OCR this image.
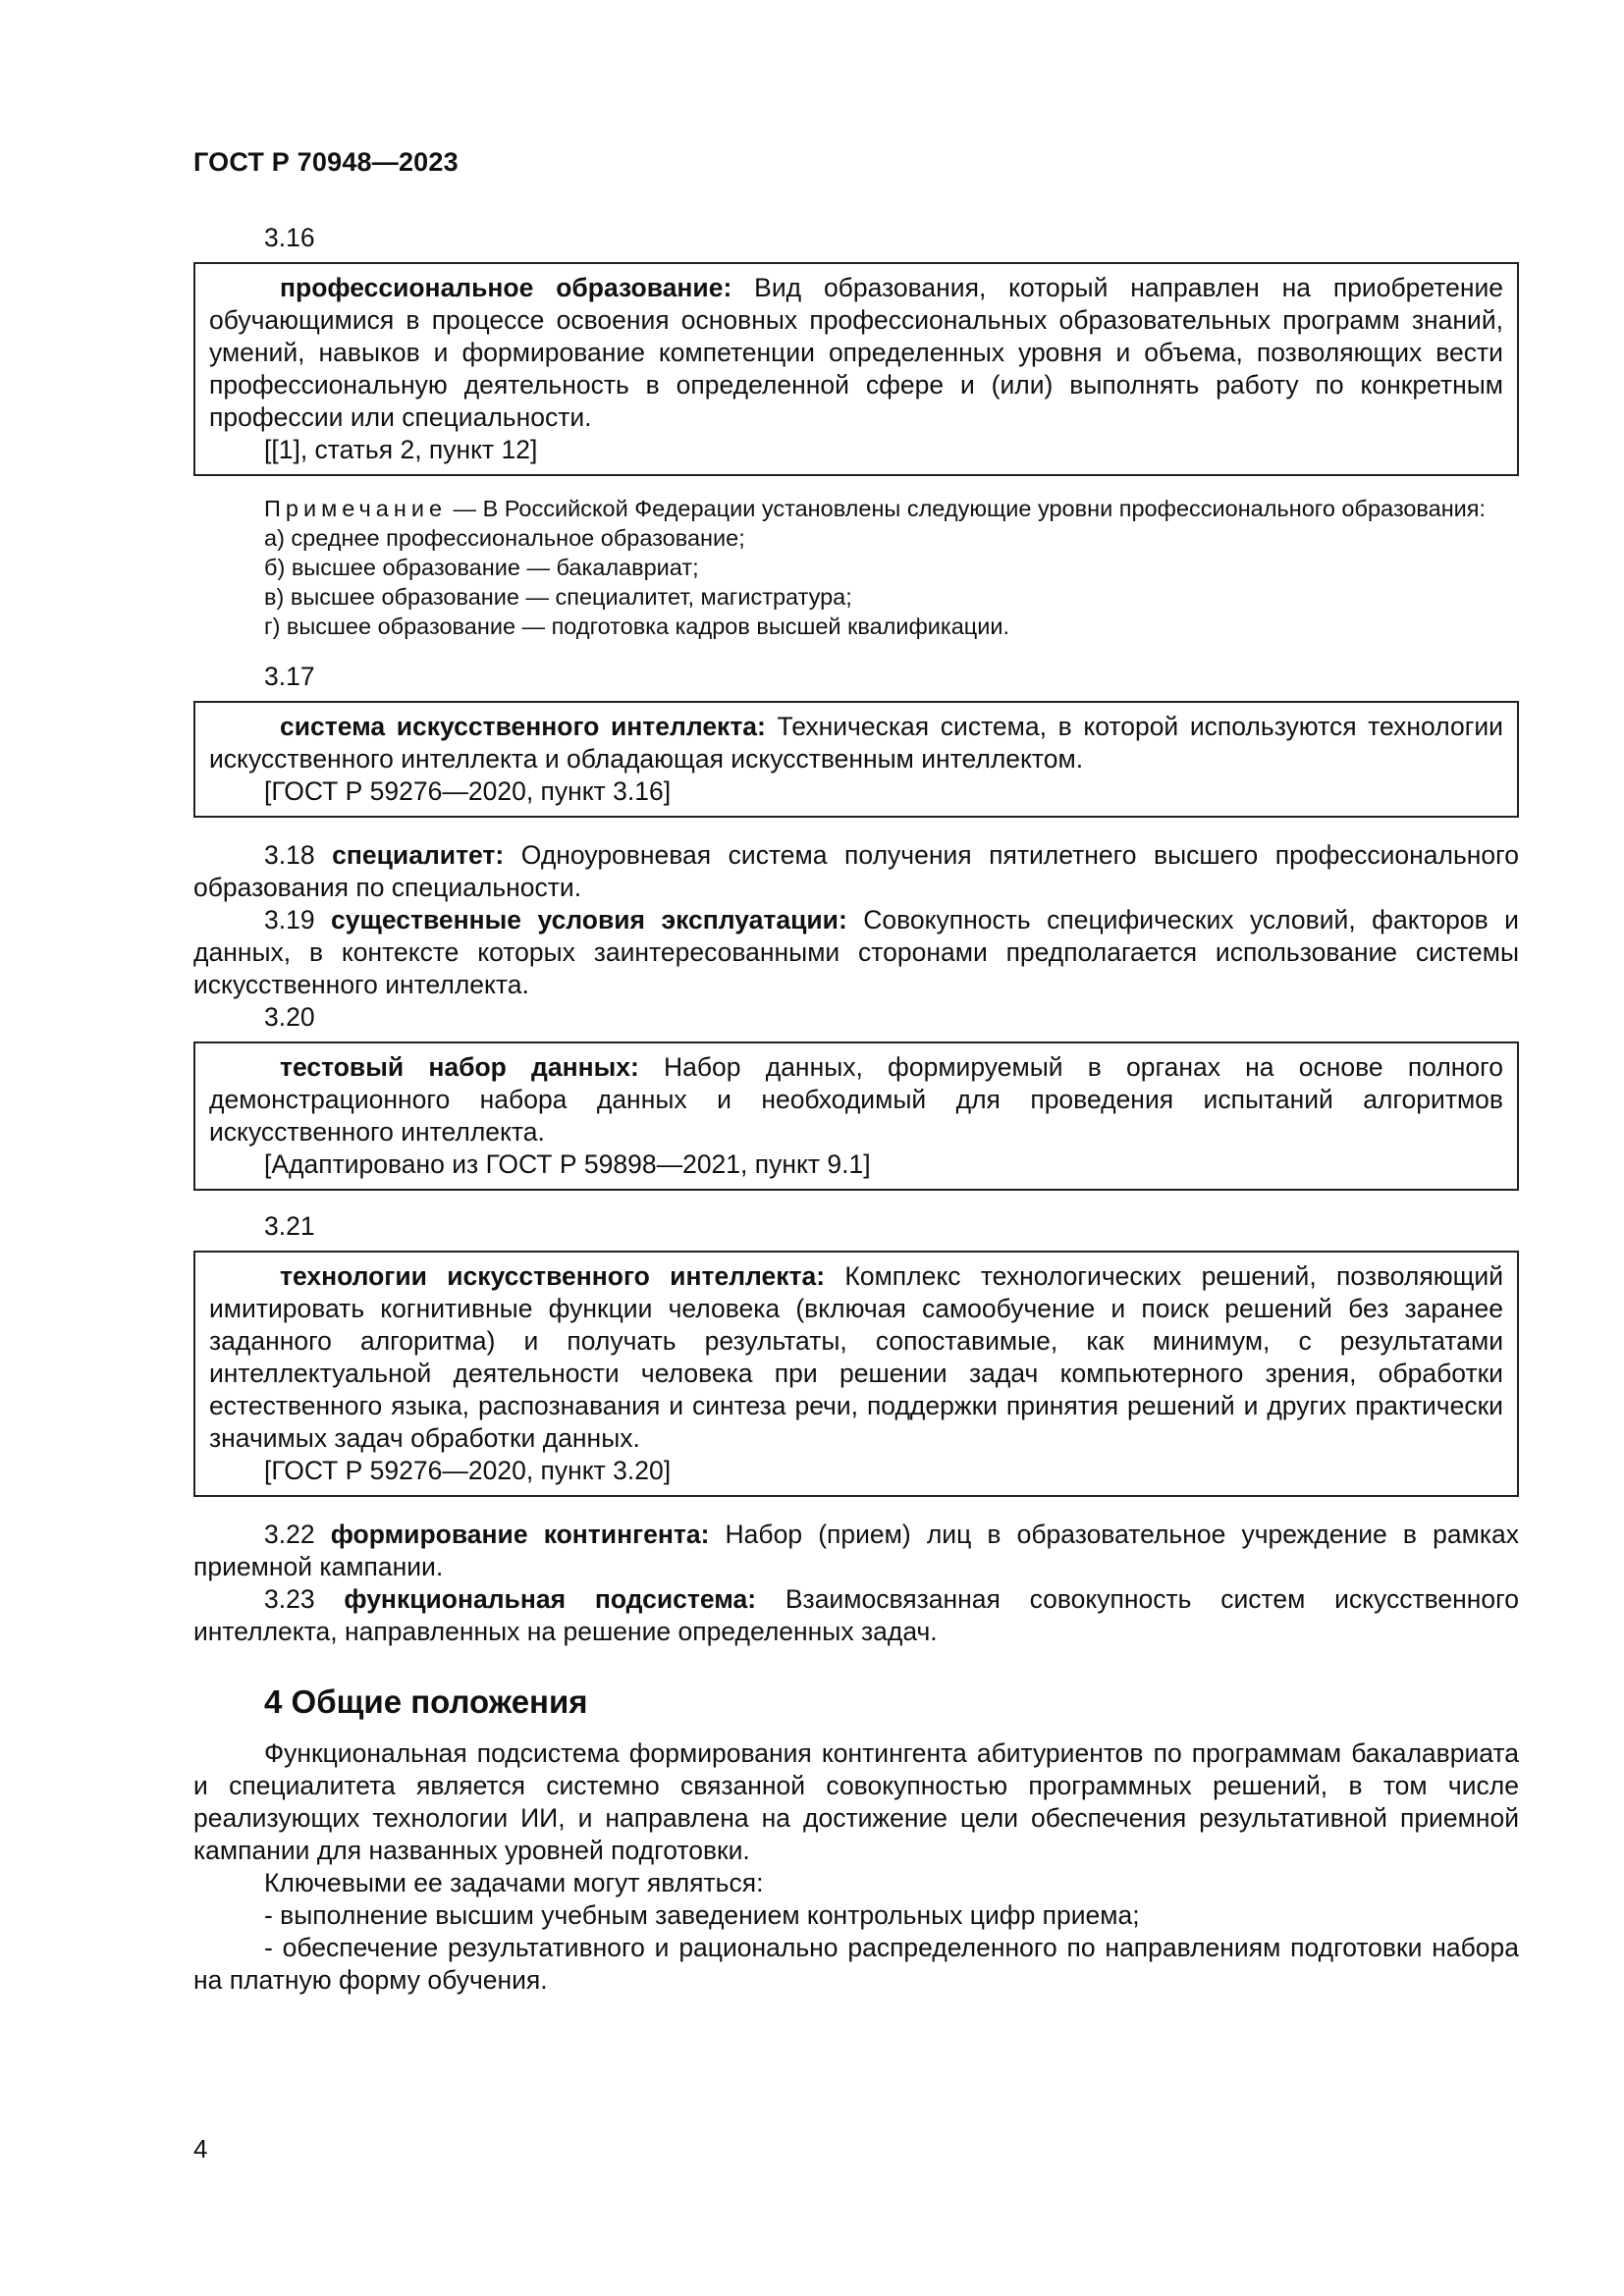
ГОСТ Р 70948—2023

3.16

профессиональное образование: Вид образования, который направлен на приобретение обучающимися в процессе освоения основных профессиональных образовательных программ знаний, умений, навыков и формирование компетенции определенных уровня и объема, позволяющих вести профессиональную деятельность в определенной сфере и (или) выполнять работу по конкретным профессии или специальности.

[[1], статья 2, пункт 12]

Примечание — В Российской Федерации установлены следующие уровни профессионального образования:

а) среднее профессиональное образование;

б) высшее образование — бакалавриат;

в) высшее образование — специалитет, магистратура;

г) высшее образование — подготовка кадров высшей квалификации.

3.17

система искусственного интеллекта: Техническая система, в которой используются технологии искусственного интеллекта и обладающая искусственным интеллектом.

[ГОСТ Р 59276—2020, пункт 3.16]

3.18 специалитет: Одноуровневая система получения пятилетнего высшего профессионального образования по специальности.

3.19 существенные условия эксплуатации: Совокупность специфических условий, факторов и данных, в контексте которых заинтересованными сторонами предполагается использование системы искусственного интеллекта.

3.20

тестовый набор данных: Набор данных, формируемый в органах на основе полного демонстрационного набора данных и необходимый для проведения испытаний алгоритмов искусственного интеллекта.

[Адаптировано из ГОСТ Р 59898—2021, пункт 9.1]

3.21

технологии искусственного интеллекта: Комплекс технологических решений, позволяющий имитировать когнитивные функции человека (включая самообучение и поиск решений без заранее заданного алгоритма) и получать результаты, сопоставимые, как минимум, с результатами интеллектуальной деятельности человека при решении задач компьютерного зрения, обработки естественного языка, распознавания и синтеза речи, поддержки принятия решений и других практически значимых задач обработки данных.

[ГОСТ Р 59276—2020, пункт 3.20]

3.22 формирование контингента: Набор (прием) лиц в образовательное учреждение в рамках приемной кампании.

3.23 функциональная подсистема: Взаимосвязанная совокупность систем искусственного интеллекта, направленных на решение определенных задач.

4 Общие положения

Функциональная подсистема формирования контингента абитуриентов по программам бакалавриата и специалитета является системно связанной совокупностью программных решений, в том числе реализующих технологии ИИ, и направлена на достижение цели обеспечения результативной приемной кампании для названных уровней подготовки.

Ключевыми ее задачами могут являться:

- выполнение высшим учебным заведением контрольных цифр приема;

- обеспечение результативного и рационально распределенного по направлениям подготовки набора на платную форму обучения.

4
